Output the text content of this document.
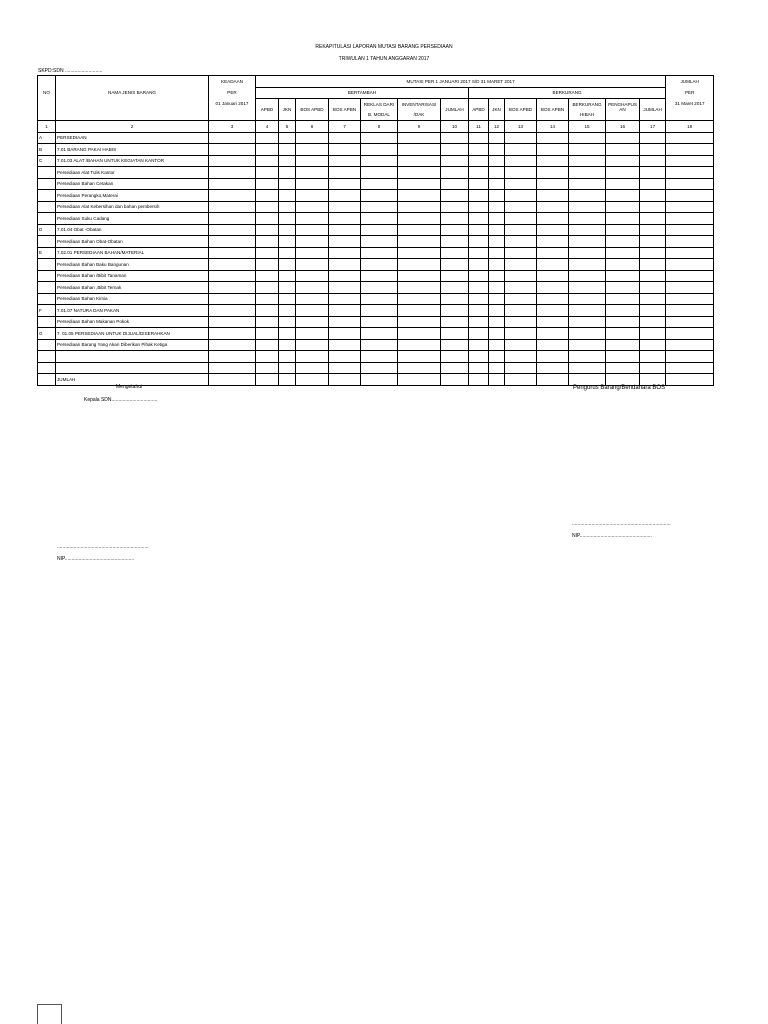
REKAPITULASI LAPORAN MUTASI BARANG PERSEDIAAN
TRIWULAN 1 TAHUN ANGGARAN 2017
SKPD:SDN ...........................
		KEADAAN	MUTASI PER 1 JANUARI 2017 S/D 31 MARET 2017														JUMLAH
NO	NAMA JENIS BARANG	PER	BERTAMBAH							BERKURANG							PER
		01 Januari 2017					REKLAS DARI	INVENTARISASI						BERKURANG	PENGHAPUS		31 Maret 2017
			APBD	JKN	BOS APBD	BOS APBN	B. MODAL	/DAK	JUMLAH	APBD	JKN	BOS APBD	BOS APBN	HIBAH	AN	JUMLAH	
1	2	3	4	5	6	7	8	9	10	11	12	13	14	15	16	17	18
A	PERSEDIAAN																
B	7.01 BARANG PAKAI HABIS																
C	7.01.03 ALAT /BAHAN UNTUK KEGIATAN KANTOR																
	Persediaan Alat Tulis Kantor																
	Persediaan Bahan Cetakan																
	Persediaan Perangko,Materai																
	Persediaan Alat Kebersihan dan bahan pembersih																
	Persediaan Suku Cadang																
D	7.01.04 Obat -Obatan																
	Persediaan Bahan Obat-Obatan																
E	7.02.01 PERSEDIAAN BAHAN/MATERIAL																
	Persediaan Bahan Baku Bangunan																
	Persediaan Bahan /Bibit Tanaman																
	Persediaan Bahan ,Bibit Ternak																
	Persediaan Bahan Kimia																
F	7.01.07 NATURA DAN PAKAN																
	Persediaan Bahan Makanan Pokok																
G	7. 01.05 PERSEDIAAN UNTUK DIJUAL/DISERAHKAN																
	Persediaan Barang Yang Akan Diberikan Pihak Ketiga																

	JUMLAH																
Mengetahui
Kepala SDN.................................
Pengurus Barang/Bendahara BOS
.......................................................................
NIP....................................................
..................................................................
NIP..................................................
